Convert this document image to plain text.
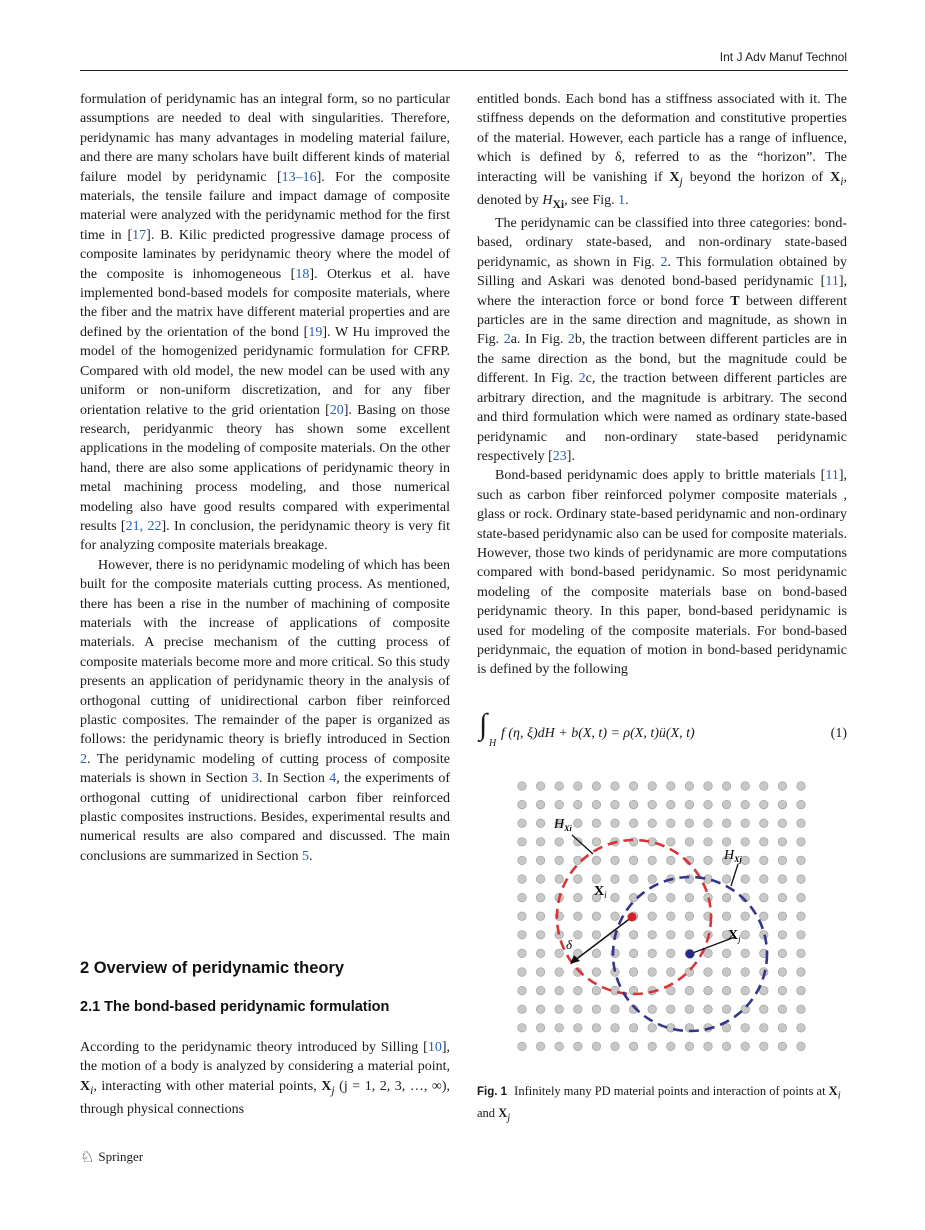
Int J Adv Manuf Technol

formulation of peridynamic has an integral form, so no particular assumptions are needed to deal with singularities. Therefore, peridynamic has many advantages in modeling material failure, and there are many scholars have built different kinds of material failure model by peridynamic [13–16]. For the composite materials, the tensile failure and impact damage of composite material were analyzed with the peridynamic method for the first time in [17]. B. Kilic predicted progressive damage process of composite laminates by peridynamic theory where the model of the composite is inhomogeneous [18]. Oterkus et al. have implemented bond-based models for composite materials, where the fiber and the matrix have different material properties and are defined by the orientation of the bond [19]. W Hu improved the model of the homogenized peridynamic formulation for CFRP. Compared with old model, the new model can be used with any uniform or non-uniform discretization, and for any fiber orientation relative to the grid orientation [20]. Basing on those research, peridyanmic theory has shown some excellent applications in the modeling of composite materials. On the other hand, there are also some applications of peridynamic theory in metal machining process modeling, and those numerical modeling also have good results compared with experimental results [21, 22]. In conclusion, the peridynamic theory is very fit for analyzing composite materials breakage.

However, there is no peridynamic modeling of which has been built for the composite materials cutting process. As mentioned, there has been a rise in the number of machining of composite materials with the increase of applications of composite materials. A precise mechanism of the cutting process of composite materials become more and more critical. So this study presents an application of peridynamic theory in the analysis of orthogonal cutting of unidirectional carbon fiber reinforced plastic composites. The remainder of the paper is organized as follows: the peridynamic theory is briefly introduced in Section 2. The peridynamic modeling of cutting process of composite materials is shown in Section 3. In Section 4, the experiments of orthogonal cutting of unidirectional carbon fiber reinforced plastic composites instructions. Besides, experimental results and numerical results are also compared and discussed. The main conclusions are summarized in Section 5.

2 Overview of peridynamic theory
2.1 The bond-based peridynamic formulation

According to the peridynamic theory introduced by Silling [10], the motion of a body is analyzed by considering a material point, $X_i$, interacting with other material points, $X_j$ (j = 1, 2, 3, …, ∞), through physical connections

entitled bonds. Each bond has a stiffness associated with it. The stiffness depends on the deformation and constitutive properties of the material. However, each particle has a range of influence, which is defined by δ, referred to as the “horizon”. The interacting will be vanishing if $X_j$ beyond the horizon of $X_i$, denoted by $H_{Xi}$, see Fig. 1.

The peridynamic can be classified into three categories: bond-based, ordinary state-based, and non-ordinary state-based peridynamic, as shown in Fig. 2. This formulation obtained by Silling and Askari was denoted bond-based peridynamic [11], where the interaction force or bond force T between different particles are in the same direction and magnitude, as shown in Fig. 2a. In Fig. 2b, the traction between different particles are in the same direction as the bond, but the magnitude could be different. In Fig. 2c, the traction between different particles are arbitrary direction, and the magnitude is arbitrary. The second and third formulation which were named as ordinary state-based peridynamic and non-ordinary state-based peridynamic respectively [23].

Bond-based peridynamic does apply to brittle materials [11], such as carbon fiber reinforced polymer composite materials , glass or rock. Ordinary state-based peridynamic and non-ordinary state-based peridynamic also can be used for composite materials. However, those two kinds of peridynamic are more computations compared with bond-based peridynamic. So most peridynamic modeling of the composite materials base on bond-based peridynamic theory. In this paper, bond-based peridynamic is used for modeling of the composite materials. For bond-based peridynmaic, the equation of motion in bond-based peridynamic is defined by the following

∫
H
f (η, ξ)dH + b(X, t) = ρ(X, t)ü(X, t)	(1)
$H_{Xi}$
$H_{Xj}$
$X_i$
$X_j$
δ
Fig. 1 Infinitely many PD material points and interaction of points at $X_i$ and $X_j$
♘ Springer
